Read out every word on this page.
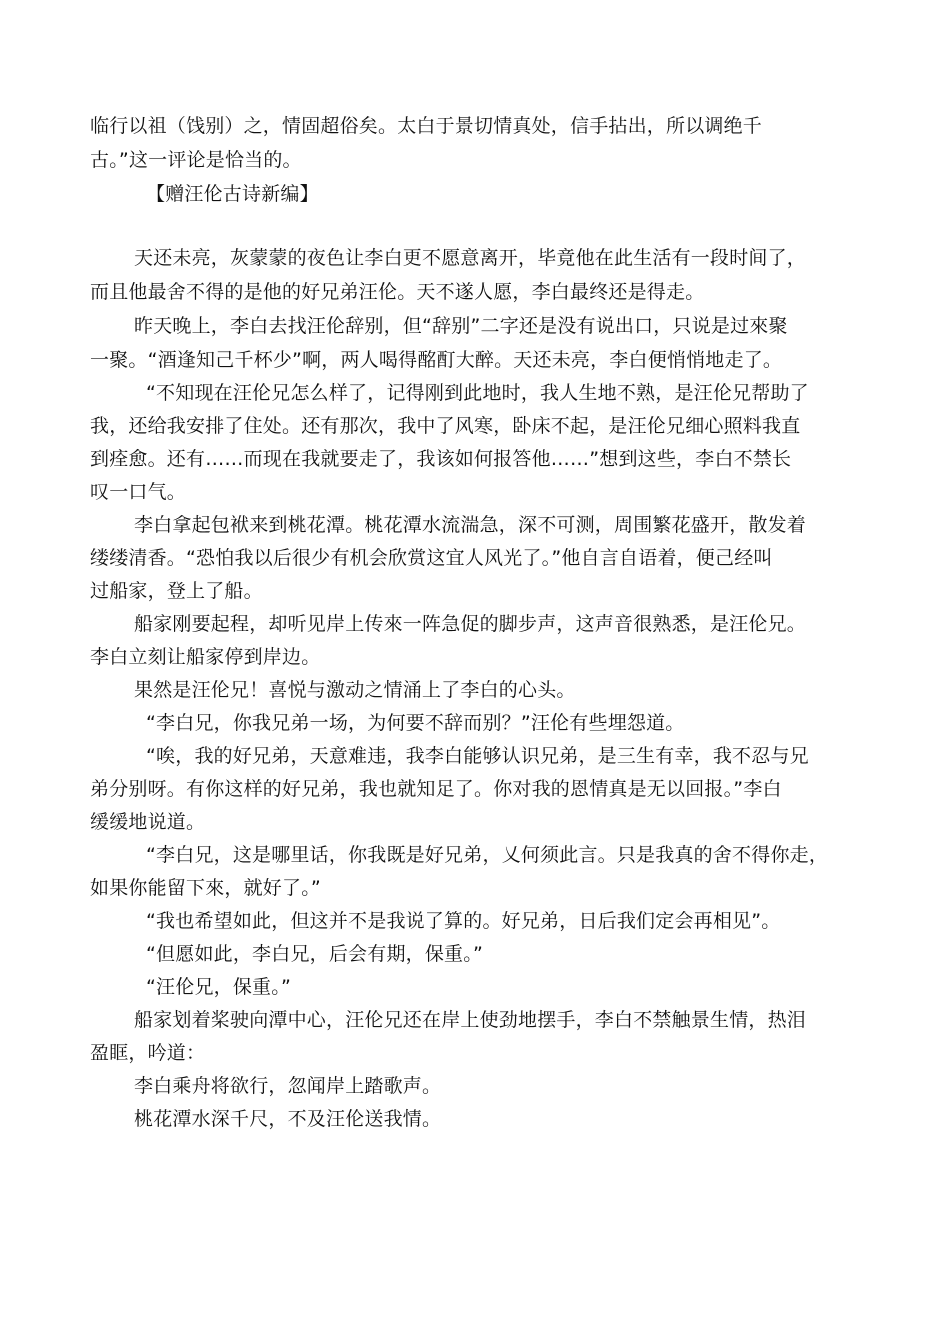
临行以祖（饯别）之，情固超俗矣。太白于景切情真处，信手拈出，所以调绝千
古。”这一评论是恰当的。
【赠汪伦古诗新编】
天还未亮，灰蒙蒙的夜色让李白更不愿意离开，毕竟他在此生活有一段时间了，
而且他最舍不得的是他的好兄弟汪伦。天不遂人愿，李白最终还是得走。
昨天晚上，李白去找汪伦辞别，但“辞别”二字还是没有说出口，只说是过來聚
一聚。“酒逢知己千杯少”啊，两人喝得酩酊大醉。天还未亮，李白便悄悄地走了。
“不知现在汪伦兄怎么样了，记得刚到此地时，我人生地不熟，是汪伦兄帮助了
我，还给我安排了住处。还有那次，我中了风寒，卧床不起，是汪伦兄细心照料我直
到痊愈。还有……而现在我就要走了，我该如何报答他……”想到这些，李白不禁长
叹一口气。
李白拿起包袱来到桃花潭。桃花潭水流湍急，深不可测，周围繁花盛开，散发着
缕缕清香。“恐怕我以后很少有机会欣赏这宜人风光了。”他自言自语着，便己经叫
过船家，登上了船。
船家刚要起程，却听见岸上传來一阵急促的脚步声，这声音很熟悉，是汪伦兄。
李白立刻让船家停到岸边。
果然是汪伦兄！喜悦与激动之情涌上了李白的心头。
“李白兄，你我兄弟一场，为何要不辞而别？”汪伦有些埋怨道。
“唉，我的好兄弟，天意难违，我李白能够认识兄弟，是三生有幸，我不忍与兄
弟分别呀。有你这样的好兄弟，我也就知足了。你对我的恩情真是无以回报。”李白
缓缓地说道。
“李白兄，这是哪里话，你我既是好兄弟，乂何须此言。只是我真的舍不得你走，
如果你能留下來，就好了。”
“我也希望如此，但这并不是我说了算的。好兄弟，日后我们定会再相见”。
“但愿如此，李白兄，后会有期，保重。”
“汪伦兄，保重。”
船家划着桨驶向潭中心，汪伦兄还在岸上使劲地摆手，李白不禁触景生情，热泪
盈眶，吟道：
李白乘舟将欲行，忽闻岸上踏歌声。
桃花潭水深千尺，不及汪伦送我情。
